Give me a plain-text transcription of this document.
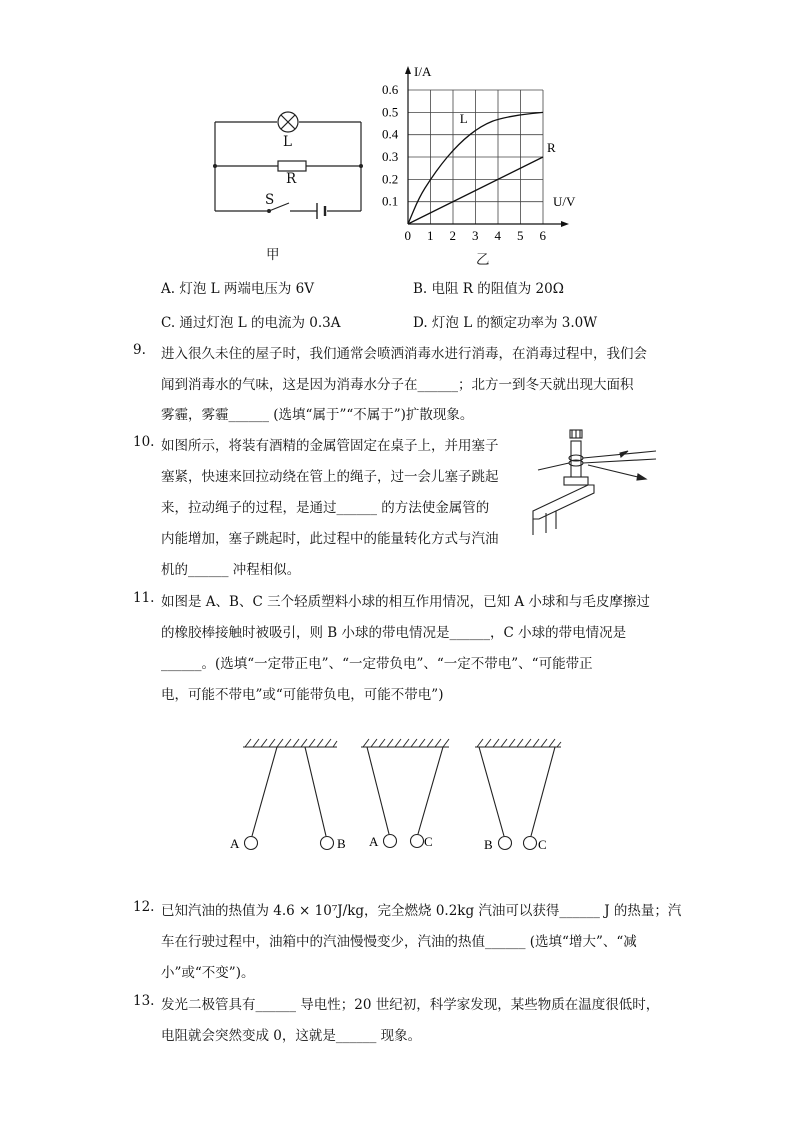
L
R
S
甲
0 1 2 3 4 5 6
0.1
0.2
0.3
0.4
0.5
0.6
I/A
U/V
L
R
乙
A. 灯泡 L 两端电压为 6V	B. 电阻 R 的阻值为 20Ω
C. 通过灯泡 L 的电流为 0.3A	D. 灯泡 L 的额定功率为 3.0W
9. 进入很久未住的屋子时，我们通常会喷洒消毒水进行消毒，在消毒过程中，我们会
闻到消毒水的气味，这是因为消毒水分子在______；北方一到冬天就出现大面积
雾霾，雾霾______ (选填“属于”“不属于”)扩散现象。
10. 如图所示，将装有酒精的金属管固定在桌子上，并用塞子
塞紧，快速来回拉动绕在管上的绳子，过一会儿塞子跳起
来，拉动绳子的过程，是通过______ 的方法使金属管的
内能增加，塞子跳起时，此过程中的能量转化方式与汽油
机的______ 冲程相似。
11. 如图是 A、B、C 三个轻质塑料小球的相互作用情况，已知 A 小球和与毛皮摩擦过
的橡胶棒接触时被吸引，则 B 小球的带电情况是______，C 小球的带电情况是
______。(选填“一定带正电”、“一定带负电”、“一定不带电”、“可能带正
电，可能不带电”或“可能带负电，可能不带电”)
A	B A	C	B	C
12. 已知汽油的热值为 4.6 × 10⁷J/kg，完全燃烧 0.2kg 汽油可以获得______ J 的热量；汽
车在行驶过程中，油箱中的汽油慢慢变少，汽油的热值______ (选填“增大”、“减
小”或“不变”)。
13. 发光二极管具有______ 导电性；20 世纪初，科学家发现，某些物质在温度很低时，
电阻就会突然变成 0，这就是______ 现象。
